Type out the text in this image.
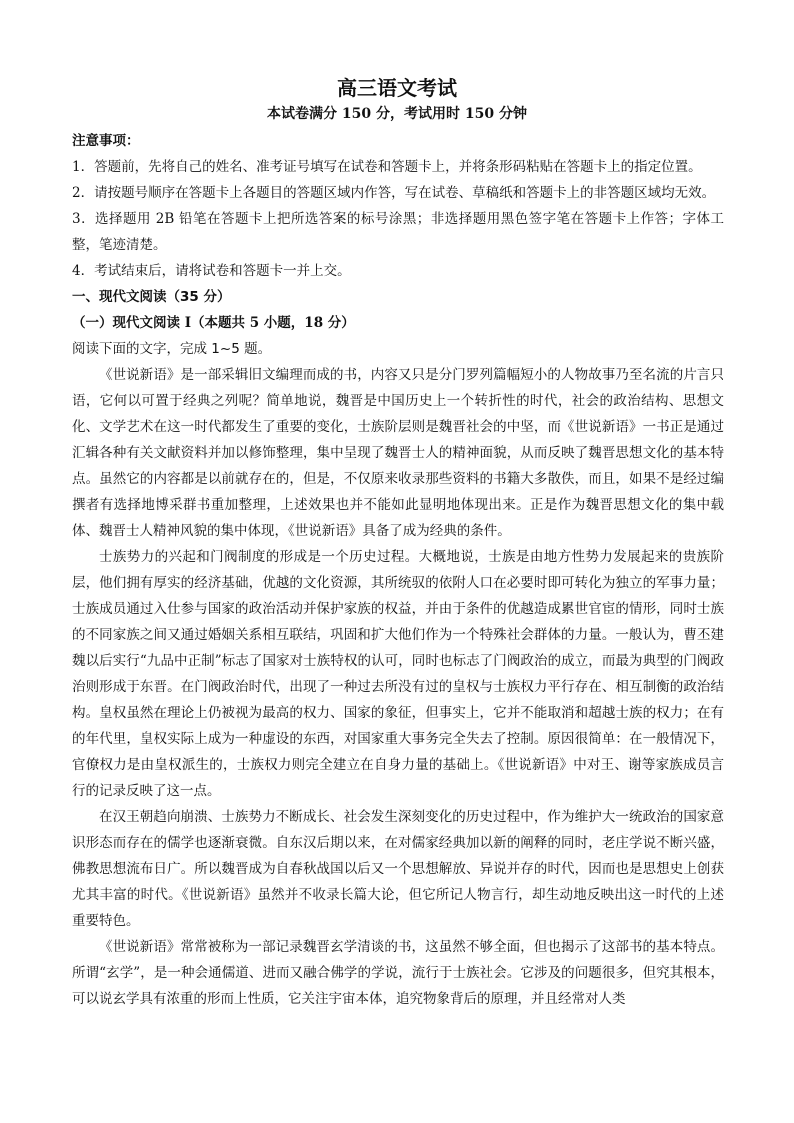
高三语文考试
本试卷满分 150 分，考试用时 150 分钟

注意事项：

1．答题前，先将自己的姓名、准考证号填写在试卷和答题卡上，并将条形码粘贴在答题卡上的指定位置。

2．请按题号顺序在答题卡上各题目的答题区域内作答，写在试卷、草稿纸和答题卡上的非答题区域均无效。

3．选择题用 2B 铅笔在答题卡上把所选答案的标号涂黑；非选择题用黑色签字笔在答题卡上作答；字体工整，笔迹清楚。

4．考试结束后，请将试卷和答题卡一并上交。

一、现代文阅读（35 分）

（一）现代文阅读 I（本题共 5 小题，18 分）

阅读下面的文字，完成 1~5 题。

《世说新语》是一部采辑旧文编理而成的书，内容又只是分门罗列篇幅短小的人物故事乃至名流的片言只语，它何以可置于经典之列呢？简单地说，魏晋是中国历史上一个转折性的时代，社会的政治结构、思想文化、文学艺术在这一时代都发生了重要的变化，士族阶层则是魏晋社会的中坚，而《世说新语》一书正是通过汇辑各种有关文献资料并加以修饰整理，集中呈现了魏晋士人的精神面貌，从而反映了魏晋思想文化的基本特点。虽然它的内容都是以前就存在的，但是，不仅原来收录那些资料的书籍大多散佚，而且，如果不是经过编撰者有选择地博采群书重加整理，上述效果也并不能如此显明地体现出来。正是作为魏晋思想文化的集中载体、魏晋士人精神风貌的集中体现，《世说新语》具备了成为经典的条件。

士族势力的兴起和门阀制度的形成是一个历史过程。大概地说，士族是由地方性势力发展起来的贵族阶层，他们拥有厚实的经济基础，优越的文化资源，其所统驭的依附人口在必要时即可转化为独立的军事力量；士族成员通过入仕参与国家的政治活动并保护家族的权益，并由于条件的优越造成累世官宦的情形，同时士族的不同家族之间又通过婚姻关系相互联结，巩固和扩大他们作为一个特殊社会群体的力量。一般认为，曹丕建魏以后实行“九品中正制”标志了国家对士族特权的认可，同时也标志了门阀政治的成立，而最为典型的门阀政治则形成于东晋。在门阀政治时代，出现了一种过去所没有过的皇权与士族权力平行存在、相互制衡的政治结构。皇权虽然在理论上仍被视为最高的权力、国家的象征，但事实上，它并不能取消和超越士族的权力；在有的年代里，皇权实际上成为一种虚设的东西，对国家重大事务完全失去了控制。原因很简单：在一般情况下，官僚权力是由皇权派生的，士族权力则完全建立在自身力量的基础上。《世说新语》中对王、谢等家族成员言行的记录反映了这一点。

在汉王朝趋向崩溃、士族势力不断成长、社会发生深刻变化的历史过程中，作为维护大一统政治的国家意识形态而存在的儒学也逐渐衰微。自东汉后期以来，在对儒家经典加以新的阐释的同时，老庄学说不断兴盛，佛教思想流布日广。所以魏晋成为自春秋战国以后又一个思想解放、异说并存的时代，因而也是思想史上创获尤其丰富的时代。《世说新语》虽然并不收录长篇大论，但它所记人物言行，却生动地反映出这一时代的上述重要特色。

《世说新语》常常被称为一部记录魏晋玄学清谈的书，这虽然不够全面，但也揭示了这部书的基本特点。所谓“玄学”，是一种会通儒道、进而又融合佛学的学说，流行于士族社会。它涉及的问题很多，但究其根本，可以说玄学具有浓重的形而上性质，它关注宇宙本体，追究物象背后的原理，并且经常对人类
